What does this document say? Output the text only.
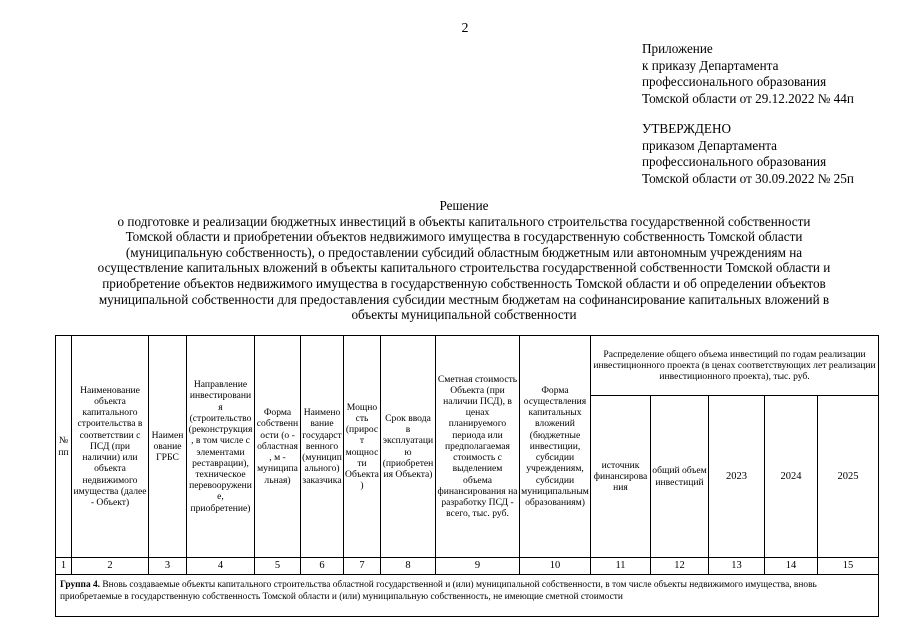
2
Приложение
к приказу Департамента
профессионального образования
Томской области от 29.12.2022 № 44п
УТВЕРЖДЕНО
приказом Департамента
профессионального образования
Томской области от 30.09.2022 № 25п
Решение
о подготовке и реализации бюджетных инвестиций в объекты капитального строительства государственной собственности
Томской области и приобретении объектов недвижимого имущества в государственную собственность Томской области
(муниципальную собственность), о предоставлении субсидий областным бюджетным или автономным учреждениям на
осуществление капитальных вложений в объекты капитального строительства государственной собственности Томской области и
приобретение объектов недвижимого имущества в государственную собственность Томской области и об определении объектов
муниципальной собственности для предоставления субсидии местным бюджетам на софинансирование капитальных вложений в
объекты муниципальной собственности
№ пп	Наименование объекта капитального строительства в соответствии с ПСД (при наличии) или объекта недвижимого имущества (далее - Объект)	Наименование ГРБС	Направление инвестирования (строительство (реконструкция, в том числе с элементами реставрации), техническое перевооружение, приобретение)	Форма собственности (о - областная, м - муниципальная)	Наименование государственного (муниципального) заказчика	Мощность (прирост мощности Объекта)	Срок ввода в эксплуатацию (приобретения Объекта)	Сметная стоимость Объекта (при наличии ПСД), в ценах планируемого периода или предполагаемая стоимость с выделением объема финансирования на разработку ПСД - всего, тыс. руб.	Форма осуществления капитальных вложений (бюджетные инвестиции, субсидии учреждениям, субсидии муниципальным образованиям)	Распределение общего объема инвестиций по годам реализации инвестиционного проекта (в ценах соответствующих лет реализации инвестиционного проекта), тыс. руб.				
										источник финансирования	общий объем инвестиций	2023	2024	2025
1	2	3	4	5	6	7	8	9	10	11	12	13	14	15
Группа 4. Вновь создаваемые объекты капитального строительства областной государственной и (или) муниципальной собственности, в том числе объекты недвижимого имущества, вновь приобретаемые в государственную собственность Томской области и (или) муниципальную собственность, не имеющие сметной стоимости														
